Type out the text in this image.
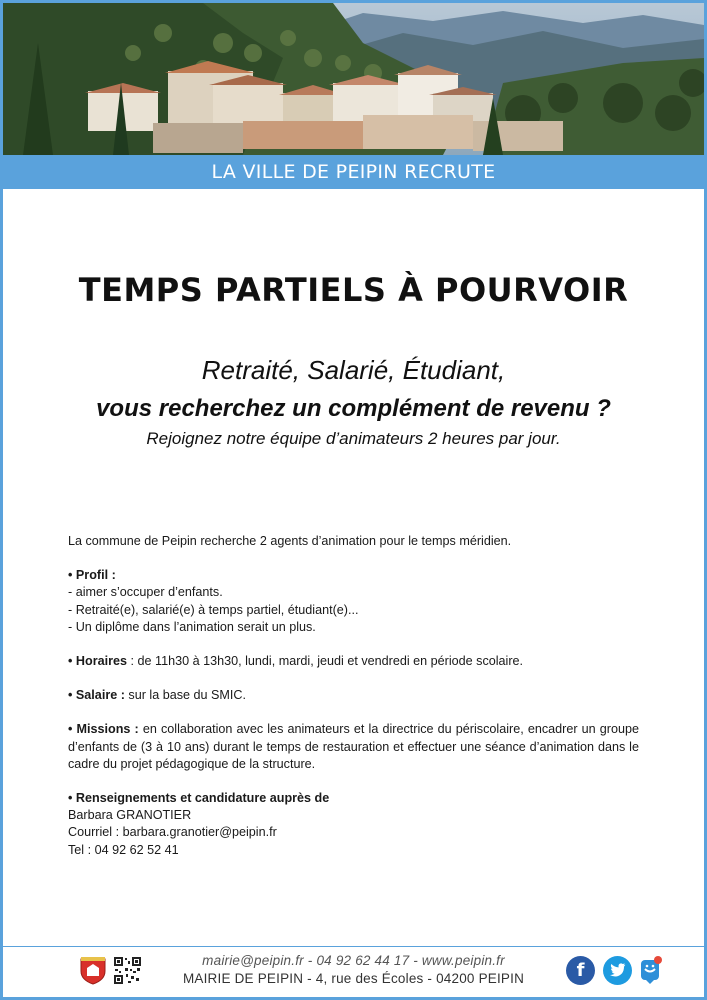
LA VILLE DE PEIPIN RECRUTE
TEMPS PARTIELS À POURVOIR
Retraité, Salarié, Étudiant,
vous recherchez un complément de revenu ?
Rejoignez notre équipe d’animateurs 2 heures par jour.

La commune de Peipin recherche 2 agents d’animation pour le temps méridien.

• Profil :

- aimer s’occuper d’enfants.

- Retraité(e), salarié(e) à temps partiel, étudiant(e)...

- Un diplôme dans l’animation serait un plus.

• Horaires : de 11h30 à 13h30, lundi, mardi, jeudi et vendredi en période scolaire.

• Salaire : sur la base du SMIC.

• Missions : en collaboration avec les animateurs et la directrice du périscolaire, encadrer un groupe d’enfants de (3 à 10 ans) durant le temps de restauration et effectuer une séance d’animation dans le cadre du projet pédagogique de la structure.

• Renseignements et candidature auprès de

Barbara GRANOTIER

Courriel : barbara.granotier@peipin.fr

Tel : 04 92 62 52 41

mairie@peipin.fr - 04 92 62 44 17 - www.peipin.fr
MAIRIE DE PEIPIN - 4, rue des Écoles - 04200 PEIPIN	f
